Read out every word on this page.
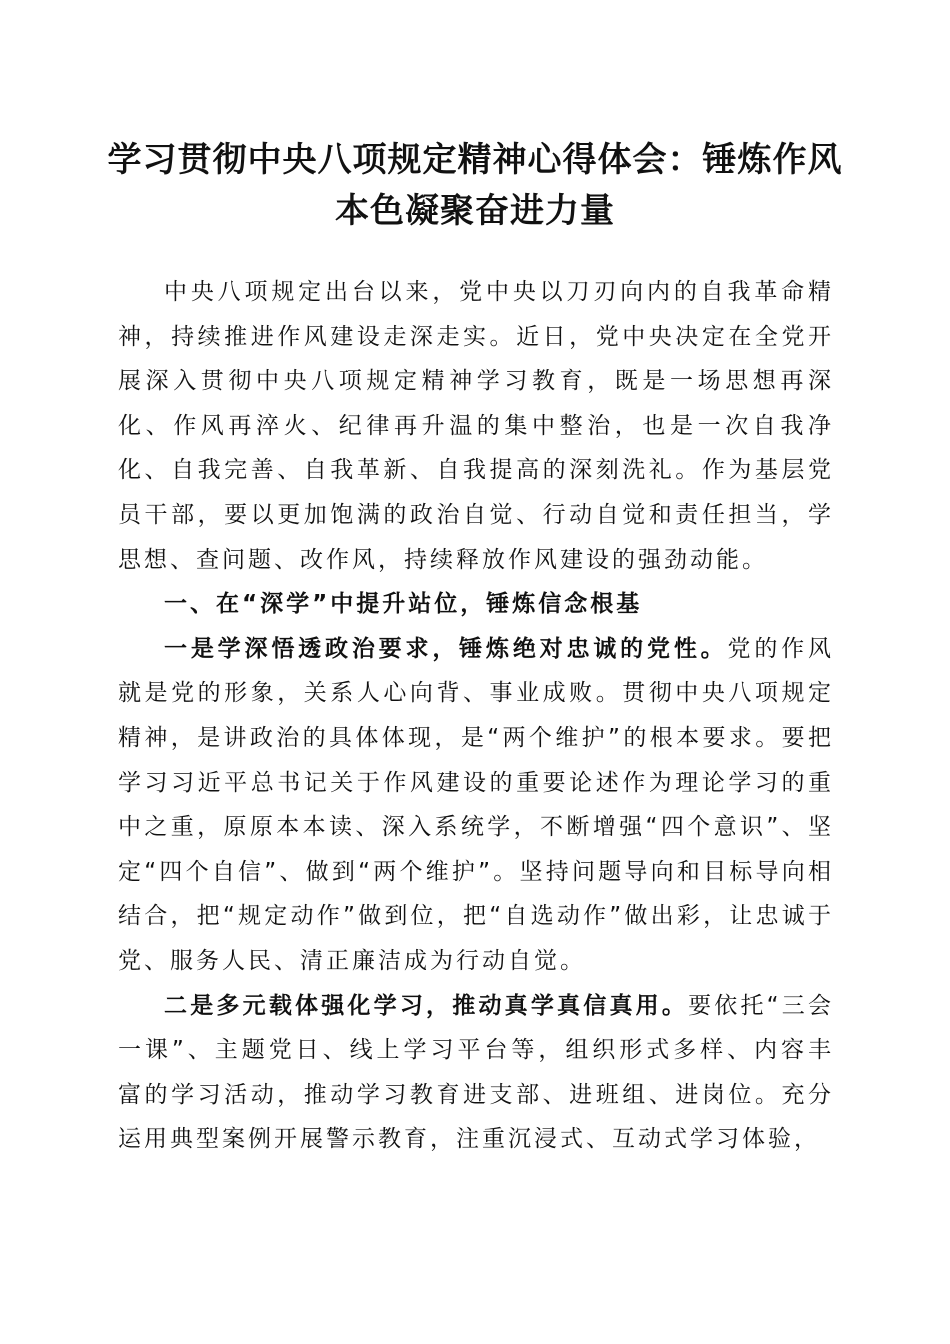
学习贯彻中央八项规定精神心得体会：锤炼作风本色凝聚奋进力量

中央八项规定出台以来，党中央以刀刃向内的自我革命精神，持续推进作风建设走深走实。近日，党中央决定在全党开展深入贯彻中央八项规定精神学习教育，既是一场思想再深化、作风再淬火、纪律再升温的集中整治，也是一次自我净化、自我完善、自我革新、自我提高的深刻洗礼。作为基层党员干部，要以更加饱满的政治自觉、行动自觉和责任担当，学思想、查问题、改作风，持续释放作风建设的强劲动能。

一、在“深学”中提升站位，锤炼信念根基

一是学深悟透政治要求，锤炼绝对忠诚的党性。党的作风就是党的形象，关系人心向背、事业成败。贯彻中央八项规定精神，是讲政治的具体体现，是“两个维护”的根本要求。要把学习习近平总书记关于作风建设的重要论述作为理论学习的重中之重，原原本本读、深入系统学，不断增强“四个意识”、坚定“四个自信”、做到“两个维护”。坚持问题导向和目标导向相结合，把“规定动作”做到位，把“自选动作”做出彩，让忠诚于党、服务人民、清正廉洁成为行动自觉。

二是多元载体强化学习，推动真学真信真用。要依托“三会一课”、主题党日、线上学习平台等，组织形式多样、内容丰富的学习活动，推动学习教育进支部、进班组、进岗位。充分运用典型案例开展警示教育，注重沉浸式、互动式学习体验，
